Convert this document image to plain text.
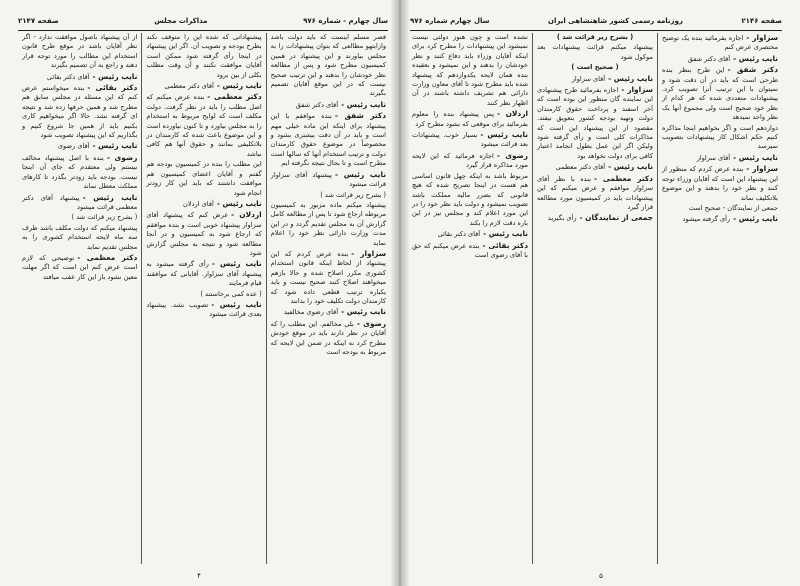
سال چهارم - شماره ۹۷۶
مذاکرات مجلس
صفحه ۲۱۴۷

قصر مسلم اینست که باید دولت باشد وازابتهو مطالعی که بتوان پیشنهادات را به مجلس بیاورند و این پیشنهاد در همین کمیسیون مطرح شود و پس از مطالعه نظر خودشان را بدهند و این ترتیب صحیح نیست که در این موقع آقایان تصمیم بگیرند

نایب رئیس -آقای دکتر شفق

دکتر شفق -بنده موافقم با این پیشنهاد برای اینکه این ماده خیلی مهم است و باید در آن دقت بیشتری بشود و مخصوصاً در موضوع حقوق کارمندان دولت و ترتیب استخدام آنها که سالها است مطرح است و تا بحال نتیجه نگرفته ایم

نایب رئیس -پیشنهاد آقای سزاوار قرائت میشود

( بشرح زیر قرائت شد )

پیشنهاد میکنم ماده مزبور به کمیسیون مربوطه ارجاع شود تا پس از مطالعه کامل گزارش آن به مجلس تقدیم گردد و در این مدت وزارت دارائی نظر خود را اعلام نماید

سزاوار -بنده عرض کردم که این پیشنهاد از لحاظ اینکه قانون استخدام کشوری مکرر اصلاح شده و حالا بازهم میخواهند اصلاح کنند صحیح نیست و باید یکباره ترتیب قطعی داده شود که کارمندان دولت تکلیف خود را بدانند

نایب رئیس -آقای رضوی مخالفید

رضوی -بلی مخالفم. این مطلب را که آقایان در نظر دارند باید در موقع خودش مطرح کرد نه اینکه در ضمن این لایحه که مربوط به بودجه است

پیشنهاداتی که شده این را متوقف نکند بطرح بودجه و تصویب آن. اگر این پیشنهاد در اینجا رأی گرفته شود ممکن است آقایان موافقت نکنند و آن وقت مطلب بکلی از بین برود

نایب رئیس -آقای دکتر معظمی

دکتر معظمی -بنده عرض میکنم که اصل مطلب را باید در نظر گرفت. دولت مکلف است که لوایح مربوط به استخدام را به مجلس بیاورد و تا کنون نیاورده است و این موضوع باعث شده که کارمندان در بلاتکلیفی بمانند و حقوق آنها هم کافی نباشد

این مطلب را بنده در کمیسیون بودجه هم گفتم و آقایان اعضای کمیسیون هم موافقت داشتند که باید این کار زودتر انجام شود

نایب رئیس -آقای اردلان

اردلان -عرض کنم که پیشنهاد آقای سزاوار پیشنهاد خوبی است و بنده موافقم که ارجاع شود به کمیسیون و در آنجا مطالعه شود و نتیجه به مجلس گزارش شود

نایب رئیس -رأی گرفته میشود به پیشنهاد آقای سزاوار. آقایانی که موافقند قیام فرمایند

( عده کمی برخاستند )

نایب رئیس -تصویب نشد. پیشنهاد بعدی قرائت میشود

از آن پیشنهاد باصول موافقت ندارد - اگر نظر آقایان باشد در موقع طرح قانون استخدام این مطالب را مورد توجه قرار دهند و راجع به آن تصمیم بگیرند

نایب رئیس -آقای دکتر بقائی

دکتر بقائی -بنده میخواستم عرض کنم که این مسئله در مجلس سابق هم مطرح شد و همین حرفها زده شد و نتیجه ای گرفته نشد. حالا اگر میخواهیم کاری بکنیم باید از همین جا شروع کنیم و بگذاریم که این پیشنهاد تصویب شود

نایب رئیس -آقای رضوی

رضوی -بنده با اصل پیشنهاد مخالف نیستم ولی معتقدم که جای آن اینجا نیست. بودجه باید زودتر بگذرد تا کارهای مملکت معطل نماند

نایب رئیس -پیشنهاد آقای دکتر معظمی قرائت میشود

( بشرح زیر قرائت شد )

پیشنهاد میکنم که دولت مکلف باشد ظرف سه ماه لایحه استخدام کشوری را به مجلس تقدیم نماید

دکتر معظمی -توضیحی که لازم است عرض کنم این است که اگر مهلت معین نشود باز این کار عقب میافتد

۴
صفحه ۲۱۴۶
روزنامه رسمی کشور شاهنشاهی ایران
سال چهارم شماره ۹۷۶

سزاوار -اجازه بفرمائید بنده یک توضیح مختصری عرض کنم

نایب رئیس -آقای دکتر شفق

دکتر شفق -این طرح بنظر بنده طرحی است که باید در آن دقت شود و نمیتوان با این ترتیب آنرا تصویب کرد. پیشنهادات متعددی شده که هر کدام از نظر خود صحیح است ولی مجموع آنها یک نظر واحد نمیدهد

دوازدهم است و اگر بخواهیم اینجا مذاکره کنیم حکم اشکال کار پیشنهادات بتصویب نمیرسد

نایب رئیس -آقای سزاوار

سزاوار -بنده عرض کردم که منظور از این پیشنهاد این است که آقایان وزراء توجه کنند و نظر خود را بدهند و این موضوع بلاتکلیف نماند

جمعی از نمایندگان - صحیح است

نایب رئیس -رأی گرفته میشود

( بشرح زیر قرائت شد )

پیشنهاد میکنم قرائت پیشنهادات بعد موکول شود

( صحیح است )

نایب رئیس -آقای سزاوار

سزاوار -اجازه بفرمائید طرح پیشنهادی این نماینده گان منظور این بوده است که آخر اسفند و پرداخت حقوق کارمندان دولت وتهیه بودجه کشور بتعویق نیفتد. مقصود از این پیشنهاد این است که مذاکرات کلی است و رأی گرفته شود ولیکن اگر این عمل بطول انجامد اعتبار کافی برای دولت نخواهد بود

نایب رئیس -آقای دکتر معظمی

دکتر معظمی -بنده با نظر آقای سزاوار موافقم و عرض میکنم که این پیشنهادات باید در کمیسیون مورد مطالعه قرار گیرد

جمعی از نمایندگان -رأی بگیرید

نشده است و چون هنوز دولتی نیست نمیشود این پیشنهادات را مطرح کرد برای اینکه آقایان وزراء باید دفاع کنند و نظر خودشان را بدهند و این نمیشود و بعقیده بنده همان لایحه یکدوازدهم که پیشنهاد شده باید مطرح شود تا آقای معاون وزارت دارائی هم تشریف داشته باشند در آن اظهار نظر کنند

اردلان -پس پیشنهاد بنده را معلوم بفرمائید برای موقعی که بشود مطرح کرد

نایب رئیس -بسیار خوب. پیشنهادات بعد قرائت میشود

رضوی -اجازه فرمائید که این لایحه مورد مذاکره قرار گیرد

مربوط باشد به اینکه چهل قانون اساسی هم هست در اینجا تصریح شده که هیچ قانونی که بضرر مالیه مملکت باشد تصویب نمیشود و دولت باید نظر خود را در این مورد اعلام کند و مجلس نیز در این باره دقت لازم را بکند

نایب رئیس -آقای دکتر بقائی

دکتر بقائی -بنده عرض میکنم که حق با آقای رضوی است

۵
